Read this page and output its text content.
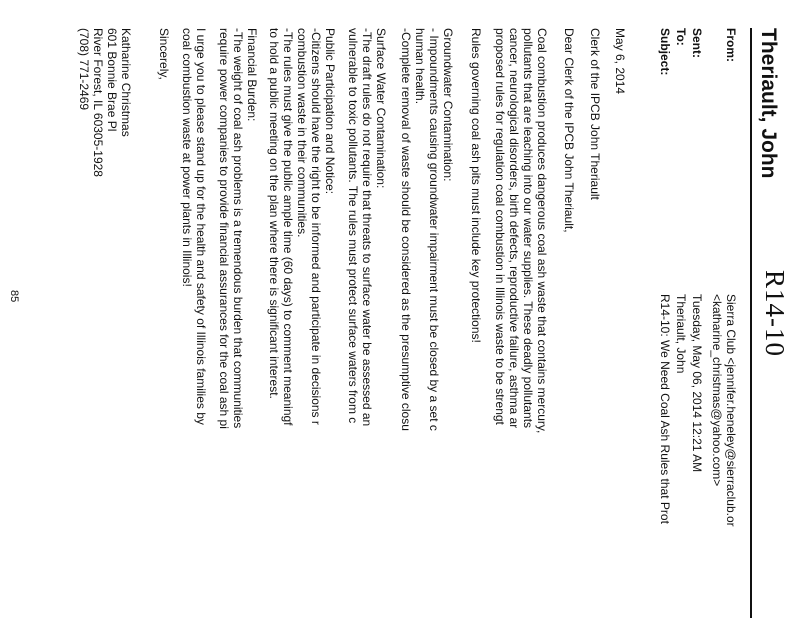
Theriault, John
R14-10
From:
Sierra Club <jennifer.heneley@sierraclub.or
<katharine_christmas@yahoo.com>
Sent:
Tuesday, May 06, 2014 12:21 AM
To:
Theriault, John
Subject:
R14-10: We Need Coal Ash Rules that Prot
May 6, 2014
Clerk of the IPCB John Theriault
Dear Clerk of the IPCB John Theriault,
Coal combustion produces dangerous coal ash waste that contains mercury,
pollutants that are leaching into our water supplies. These deadly pollutants
cancer, neurological disorders, birth defects, reproductive failure, asthma ar
proposed rules for regulation coal combustion in Illinois waste to be strengt
Rules governing coal ash pits must include key protections!
Groundwater Contamination:
- Impoundments causing groundwater impairment must be closed by a set c
human health.
-Complete removal of waste should be considered as the presumptive closu
Surface Water Contamination:
-The draft rules do not require that threats to surface water be assessed an
vulnerable to toxic pollutants. The rules must protect surface waters from c
Public Participation and Notice:
-Citizens should have the right to be informed and participate in decisions r
combustion waste in their communities.
-The rules must give the public ample time (60 days) to comment meaningf
to hold a public meeting on the plan where there is significant interest.
Financial Burden:
-The weight of coal ash problems is a tremendous burden that communities
require power companies to provide financial assurances for the coal ash pi
I urge you to please stand up for the health and safety of Illinois families by
coal combustion waste at power plants in Illinois!
Sincerely,
Katharine Christmas
601 Bonnie Brae Pl
River Forest, IL 60305-1928
(708) 771-2469
85
